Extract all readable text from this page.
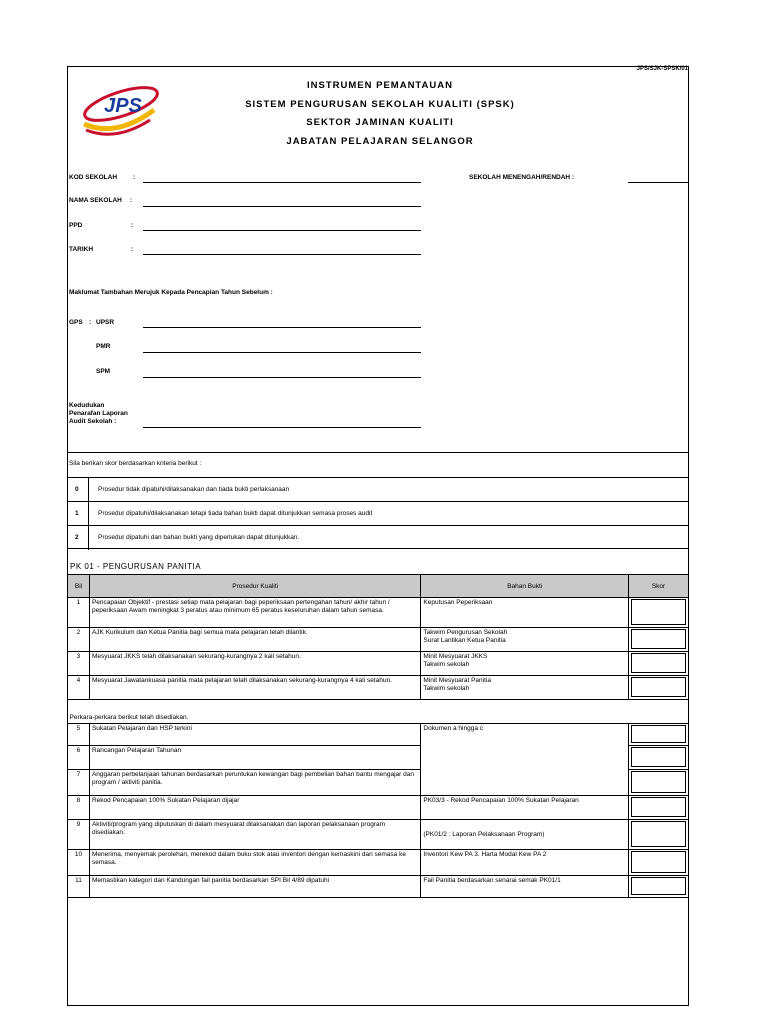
JPS/SJK-SPSK/01
JPS
INSTRUMEN PEMANTAUAN
SISTEM PENGURUSAN SEKOLAH KUALITI (SPSK)
SEKTOR JAMINAN KUALITI
JABATAN PELAJARAN SELANGOR
KOD SEKOLAH :	SEKOLAH MENENGAH/RENDAH :
NAMA SEKOLAH :
PPD	:
TARIKH	:
Maklumat Tambahan Merujuk Kepada Pencapian Tahun Sebelum :
GPS : UPSR
PMR
SPM
Kedudukan
Penarafan Laporan
Audit Sekolah :
Sila berikan skor berdasarkan kriteria berikut :
0	Prosedur tidak dipatuhi/dilaksanakan dan tiada bukti perlaksanaan
1	Prosedur dipatuhi/dilaksanakan tetapi tiada bahan bukti dapat ditunjukkan semasa proses audit
2	Prosedur dipatuhi dan bahan bukti yang diperlukan dapat ditunjukkan.
PK 01 - PENGURUSAN PANITIA
Bil	Prosedur Kualiti	Bahan Bukti	Skor
1	Pencapaian Objektif - prestasi setiap mata pelajaran bagi peperiksaan pertengahan tahun/ akhir tahun / peperiksaan Awam meningkat 3 peratus atau minimum 65 peratus keseluruhan dalam tahun semasa.	Keputusan Peperiksaan	

2	AJK Kurikulum dan Ketua Panitia bagi semua mata pelajaran telah dilantik.	Takwim Pengurusan Sekolah
Surat Lantikan Ketua Panitia	

3	Mesyuarat JKKS telah dilaksanakan sekurang-kurangnya 2 kali setahun.	Minit Mesyuarat JKKS
Takwim sekolah	

4	Mesyuarat Jawatankuasa panitia mata pelajaran telah dilaksanakan sekurang-kurangnya 4 kali setahun.	Minit Mesyuarat Panitia
Takwim sekolah	

Perkara-perkara berikut telah disediakan.			
5	Sukatan Pelajaran dan HSP terkini	Dokumen a hingga c	

6	Rancangan Pelajaran Tahunan		

7	Anggaran perbelanjaan tahunan berdasarkan peruntukan kewangan bagi pembelian bahan bantu mengajar dan program / aktiviti panitia.		

8	Rekod Pencapaian 100% Sukatan Pelajaran dijajar	PK03/3 - Rekod Pencapaian 100% Sukatan Pelajaran	

9	Aktiviti/program yang diputuskan di dalam mesyuarat dilaksanakan dan laporan pelaksanaan program disediakan.	(PK01/2 : Laporan Pelaksanaan Program)	

10	Menerima, menyemak perolehan, merekod dalam buku stok atau inventori dengan kemaskini dari semasa ke semasa.	Inventori Kew PA 3. Harta Modal Kew PA 2	

11	Memastikan kategori dan Kandungan fail panitia berdasarkan SPI Bil 4/89 dipatuhi	Fail Panitia berdasarkan senarai semak PK01/1	
